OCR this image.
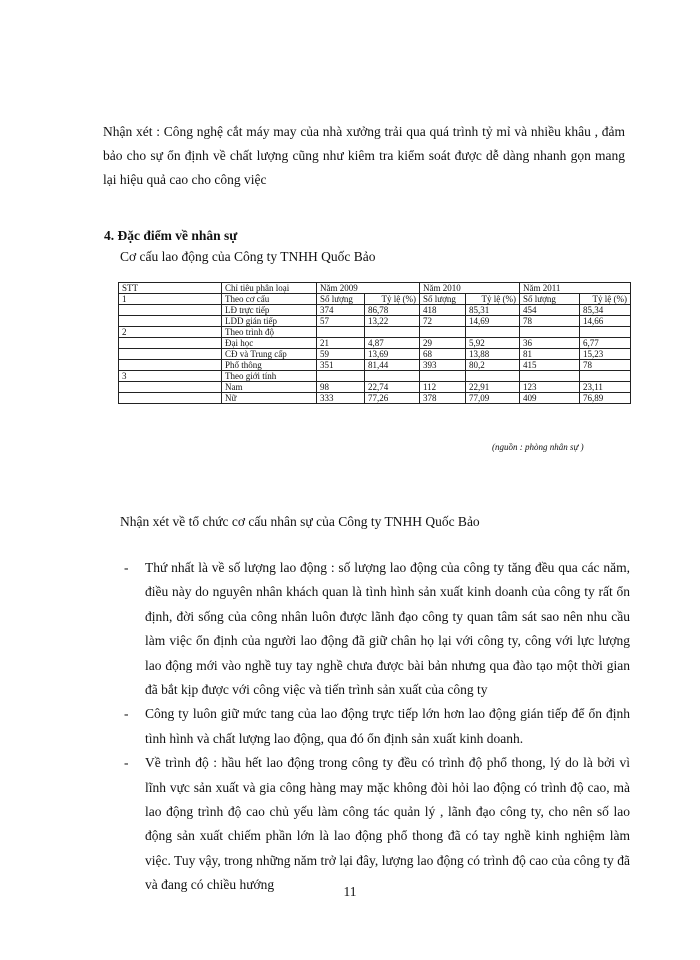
Nhận xét : Công nghệ cắt máy may của nhà xưởng trải qua quá trình tỷ mỉ và nhiều khâu , đảm bảo cho sự ổn định về chất lượng cũng như kiêm tra kiểm soát được dễ dàng nhanh gọn mang lại hiệu quả cao cho công việc

4. Đặc điểm về nhân sự

Cơ cấu lao động của Công ty TNHH Quốc Bảo

STT	Chỉ tiêu phân loại	Năm 2009		Năm 2010		Năm 2011	
1	Theo cơ cấu	Số lượng	Tỷ lệ (%)	Số lượng	Tỷ lệ (%)	Số lượng	Tỷ lệ (%)
	LĐ trực tiếp	374	86,78	418	85,31	454	85,34
	LDD gián tiếp	57	13,22	72	14,69	78	14,66
2	Theo trình độ						
	Đại học	21	4,87	29	5,92	36	6,77
	CĐ và Trung cấp	59	13,69	68	13,88	81	15,23
	Phổ thông	351	81,44	393	80,2	415	78
3	Theo giới tính						
	Nam	98	22,74	112	22,91	123	23,11
	Nữ	333	77,26	378	77,09	409	76,89

(nguồn : phòng nhân sự )

Nhận xét về tổ chức cơ cấu nhân sự của Công ty TNHH Quốc Bảo

- Thứ nhất là về số lượng lao động : số lượng lao động của công ty tăng đều qua các năm, điều này do nguyên nhân khách quan là tình hình sản xuất kinh doanh của công ty rất ổn định, đời sống của công nhân luôn được lãnh đạo công ty quan tâm sát sao nên nhu cầu làm việc ổn định của người lao động đã giữ chân họ lại với công ty, công với lực lượng lao động mới vào nghề tuy tay nghề chưa được bài bản nhưng qua đào tạo một thời gian đã bắt kịp được với công việc và tiến trình sản xuất của công ty
- Công ty luôn giữ mức tang của lao động trực tiếp lớn hơn lao động gián tiếp để ổn định tình hình và chất lượng lao động, qua đó ổn định sản xuất kinh doanh.
- Về trình độ : hầu hết lao động trong công ty đều có trình độ phổ thong, lý do là bởi vì lĩnh vực sản xuất và gia công hàng may mặc không đòi hỏi lao động có trình độ cao, mà lao động trình độ cao chủ yếu làm công tác quản lý , lãnh đạo công ty, cho nên số lao động sản xuất chiếm phần lớn là lao động phổ thong đã có tay nghề kinh nghiệm làm việc. Tuy vậy, trong những năm trở lại đây, lượng lao động có trình độ cao của công ty đã và đang có chiều hướng	11
